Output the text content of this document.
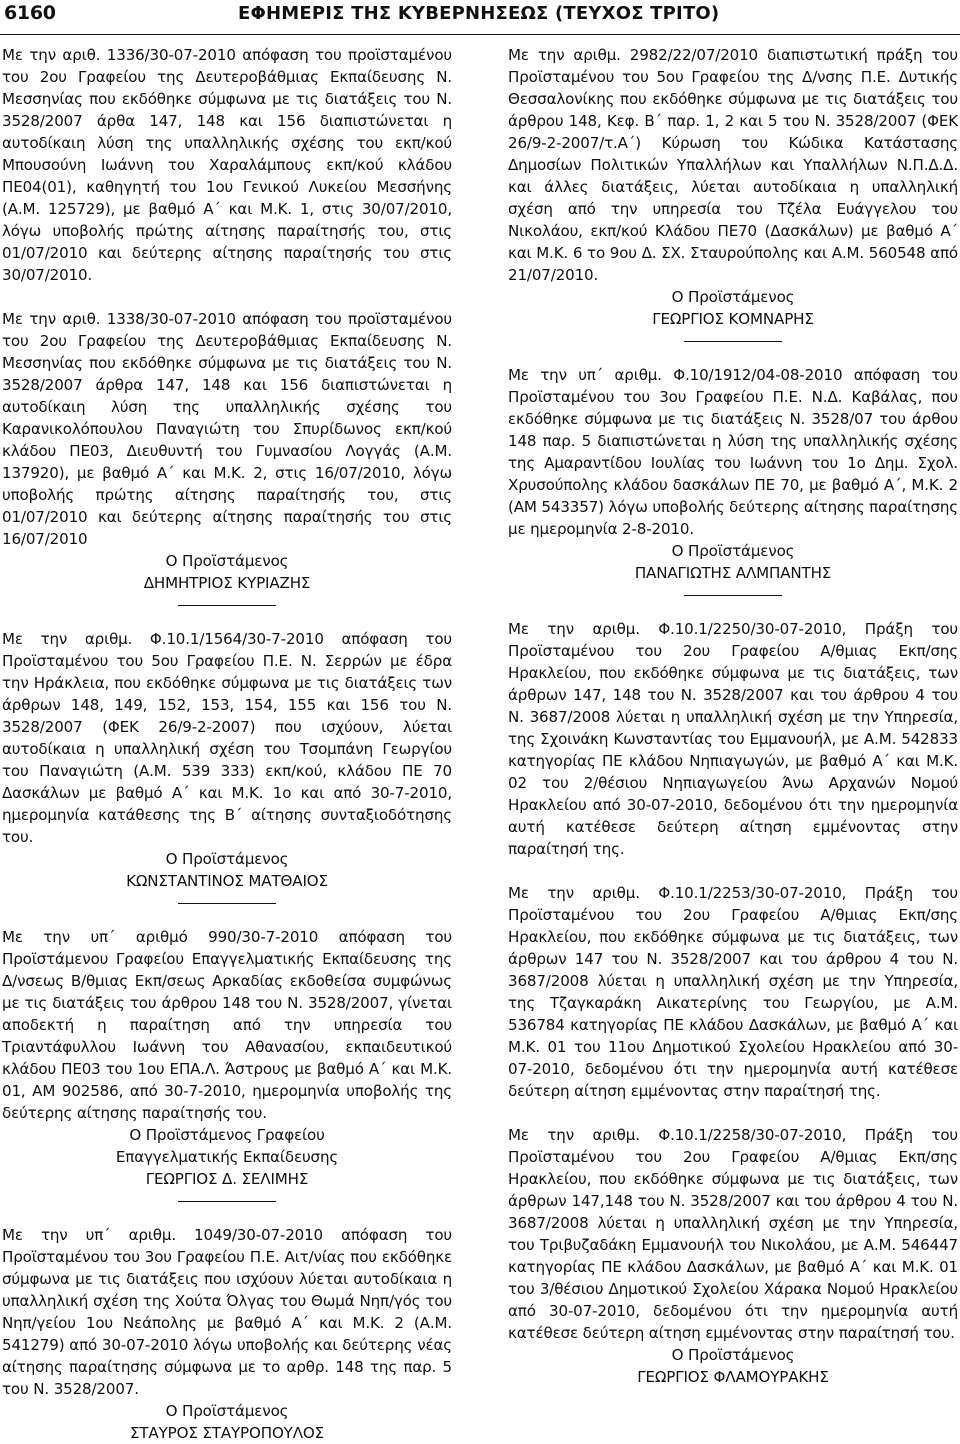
6160	ΕΦΗΜΕΡΙΣ ΤΗΣ ΚΥΒΕΡΝΗΣΕΩΣ (ΤΕΥΧΟΣ ΤΡΙΤΟ)

Με την αριθ. 1336/30-07-2010 απόφαση του προϊσταμένου του 2ου Γραφείου της Δευτεροβάθμιας Εκπαίδευσης Ν. Μεσσηνίας που εκδόθηκε σύμφωνα με τις διατάξεις του Ν. 3528/2007 άρθα 147, 148 και 156 διαπιστώνεται η αυτοδίκαιη λύση της υπαλληλικής σχέσης του εκπ/κού Μπουσούνη Ιωάννη του Χαραλάμπους εκπ/κού κλάδου ΠΕ04(01), καθηγητή του 1ου Γενικού Λυκείου Μεσσήνης (Α.Μ. 125729), με βαθμό Α΄ και Μ.Κ. 1, στις 30/07/2010, λόγω υποβολής πρώτης αίτησης παραίτησής του, στις 01/07/2010 και δεύτερης αίτησης παραίτησής του στις 30/07/2010.

Με την αριθ. 1338/30-07-2010 απόφαση του προϊσταμένου του 2ου Γραφείου της Δευτεροβάθμιας Εκπαίδευσης Ν. Μεσσηνίας που εκδόθηκε σύμφωνα με τις διατάξεις του Ν. 3528/2007 άρθρα 147, 148 και 156 διαπιστώνεται η αυτοδίκαιη λύση της υπαλληλικής σχέσης του Καρανικολόπουλου Παναγιώτη του Σπυρίδωνος εκπ/κού κλάδου ΠΕ03, Διευθυντή του Γυμνασίου Λογγάς (Α.Μ. 137920), με βαθμό Α΄ και Μ.Κ. 2, στις 16/07/2010, λόγω υποβολής πρώτης αίτησης παραίτησής του, στις 01/07/2010 και δεύτερης αίτησης παραίτησής του στις 16/07/2010

Ο Προϊστάμενος

ΔΗΜΗΤΡΙΟΣ ΚΥΡΙΑΖΗΣ

Με την αριθμ. Φ.10.1/1564/30-7-2010 απόφαση του Προϊσταμένου του 5ου Γραφείου Π.Ε. Ν. Σερρών με έδρα την Ηράκλεια, που εκδόθηκε σύμφωνα με τις διατάξεις των άρθρων 148, 149, 152, 153, 154, 155 και 156 του Ν. 3528/2007 (ΦΕΚ 26/9-2-2007) που ισχύουν, λύεται αυτοδίκαια η υπαλληλική σχέση του Τσομπάνη Γεωργίου του Παναγιώτη (Α.Μ. 539 333) εκπ/κού, κλάδου ΠΕ 70 Δασκάλων με βαθμό Α΄ και Μ.Κ. 1ο και από 30-7-2010, ημερομηνία κατάθεσης της Β΄ αίτησης συνταξιοδότησης του.

Ο Προϊστάμενος

ΚΩΝΣΤΑΝΤΙΝΟΣ ΜΑΤΘΑΙΟΣ

Με την υπ΄ αριθμό 990/30-7-2010 απόφαση του Προϊστάμενου Γραφείου Επαγγελματικής Εκπαίδευσης της Δ/νσεως Β/θμιας Εκπ/σεως Αρκαδίας εκδοθείσα συμφώνως με τις διατάξεις του άρθρου 148 του Ν. 3528/2007, γίνεται αποδεκτή η παραίτηση από την υπηρεσία του Τριαντάφυλλου Ιωάννη του Αθανασίου, εκπαιδευτικού κλάδου ΠΕ03 του 1ου ΕΠΑ.Λ. Άστρους με βαθμό Α΄ και Μ.Κ. 01, ΑΜ 902586, από 30-7-2010, ημερομηνία υποβολής της δεύτερης αίτησης παραίτησής του.

Ο Προϊστάμενος Γραφείου

Επαγγελματικής Εκπαίδευσης

ΓΕΩΡΓΙΟΣ Δ. ΣΕΛΙΜΗΣ

Με την υπ΄ αριθμ. 1049/30-07-2010 απόφαση του Προϊσταμένου του 3ου Γραφείου Π.Ε. Αιτ/νίας που εκδόθηκε σύμφωνα με τις διατάξεις που ισχύουν λύεται αυτοδίκαια η υπαλληλική σχέση της Χούτα Όλγας του Θωμά Νηπ/γός του Νηπ/γείου 1ου Νεάπολης με βαθμό Α΄ και Μ.Κ. 2 (Α.Μ. 541279) από 30-07-2010 λόγω υποβολής και δεύτερης νέας αίτησης παραίτησης σύμφωνα με το αρθρ. 148 της παρ. 5 του Ν. 3528/2007.

Ο Προϊστάμενος

ΣΤΑΥΡΟΣ ΣΤΑΥΡΟΠΟΥΛΟΣ

Με την αριθμ. 2982/22/07/2010 διαπιστωτική πράξη του Προϊσταμένου του 5ου Γραφείου της Δ/νσης Π.Ε. Δυτικής Θεσσαλονίκης που εκδόθηκε σύμφωνα με τις διατάξεις του άρθρου 148, Κεφ. Β΄ παρ. 1, 2 και 5 του Ν. 3528/2007 (ΦΕΚ 26/9-2-2007/τ.Α΄) Κύρωση του Κώδικα Κατάστασης Δημοσίων Πολιτικών Υπαλλήλων και Υπαλλήλων Ν.Π.Δ.Δ. και άλλες διατάξεις, λύεται αυτοδίκαια η υπαλληλική σχέση από την υπηρεσία του Τζέλα Ευάγγελου του Νικολάου, εκπ/κού Κλάδου ΠΕ70 (Δασκάλων) με βαθμό Α΄ και Μ.Κ. 6 το 9ου Δ. ΣΧ. Σταυρούπολης και Α.Μ. 560548 από 21/07/2010.

Ο Προϊστάμενος

ΓΕΩΡΓΙΟΣ ΚΟΜΝΑΡΗΣ

Με την υπ΄ αριθμ. Φ.10/1912/04-08-2010 απόφαση του Προϊσταμένου του 3ου Γραφείου Π.Ε. Ν.Δ. Καβάλας, που εκδόθηκε σύμφωνα με τις διατάξεις Ν. 3528/07 του άρθου 148 παρ. 5 διαπιστώνεται η λύση της υπαλληλικής σχέσης της Αμαραντίδου Ιουλίας του Ιωάννη του 1ο Δημ. Σχολ. Χρυσούπολης κλάδου δασκάλων ΠΕ 70, με βαθμό Α΄, Μ.Κ. 2 (ΑΜ 543357) λόγω υποβολής δεύτερης αίτησης παραίτησης με ημερομηνία 2-8-2010.

Ο Προϊστάμενος

ΠΑΝΑΓΙΩΤΗΣ ΑΛΜΠΑΝΤΗΣ

Με την αριθμ. Φ.10.1/2250/30-07-2010, Πράξη του Προϊσταμένου του 2ου Γραφείου Α/θμιας Εκπ/σης Ηρακλείου, που εκδόθηκε σύμφωνα με τις διατάξεις, των άρθρων 147, 148 του Ν. 3528/2007 και του άρθρου 4 του Ν. 3687/2008 λύεται η υπαλληλική σχέση με την Υπηρεσία, της Σχοινάκη Κωνσταντίας του Εμμανουήλ, με Α.Μ. 542833 κατηγορίας ΠΕ κλάδου Νηπιαγωγών, με βαθμό Α΄ και Μ.Κ. 02 του 2/θέσιου Νηπιαγωγείου Άνω Αρχανών Νομού Ηρακλείου από 30-07-2010, δεδομένου ότι την ημερομηνία αυτή κατέθεσε δεύτερη αίτηση εμμένοντας στην παραίτησή της.

Με την αριθμ. Φ.10.1/2253/30-07-2010, Πράξη του Προϊσταμένου του 2ου Γραφείου Α/θμιας Εκπ/σης Ηρακλείου, που εκδόθηκε σύμφωνα με τις διατάξεις, των άρθρων 147 του Ν. 3528/2007 και του άρθρου 4 του Ν. 3687/2008 λύεται η υπαλληλική σχέση με την Υπηρεσία, της Τζαγκαράκη Αικατερίνης του Γεωργίου, με Α.Μ. 536784 κατηγορίας ΠΕ κλάδου Δασκάλων, με βαθμό Α΄ και Μ.Κ. 01 του 11ου Δημοτικού Σχολείου Ηρακλείου από 30-07-2010, δεδομένου ότι την ημερομηνία αυτή κατέθεσε δεύτερη αίτηση εμμένοντας στην παραίτησή της.

Με την αριθμ. Φ.10.1/2258/30-07-2010, Πράξη του Προϊσταμένου του 2ου Γραφείου Α/θμιας Εκπ/σης Ηρακλείου, που εκδόθηκε σύμφωνα με τις διατάξεις, των άρθρων 147,148 του Ν. 3528/2007 και του άρθρου 4 του Ν. 3687/2008 λύεται η υπαλληλική σχέση με την Υπηρεσία, του Τριβυζαδάκη Εμμανουήλ του Νικολάου, με Α.Μ. 546447 κατηγορίας ΠΕ κλάδου Δασκάλων, με βαθμό Α΄ και Μ.Κ. 01 του 3/θέσιου Δημοτικού Σχολείου Χάρακα Νομού Ηρακλείου από 30-07-2010, δεδομένου ότι την ημερομηνία αυτή κατέθεσε δεύτερη αίτηση εμμένοντας στην παραίτησή του.

Ο Προϊστάμενος

ΓΕΩΡΓΙΟΣ ΦΛΑΜΟΥΡΑΚΗΣ
